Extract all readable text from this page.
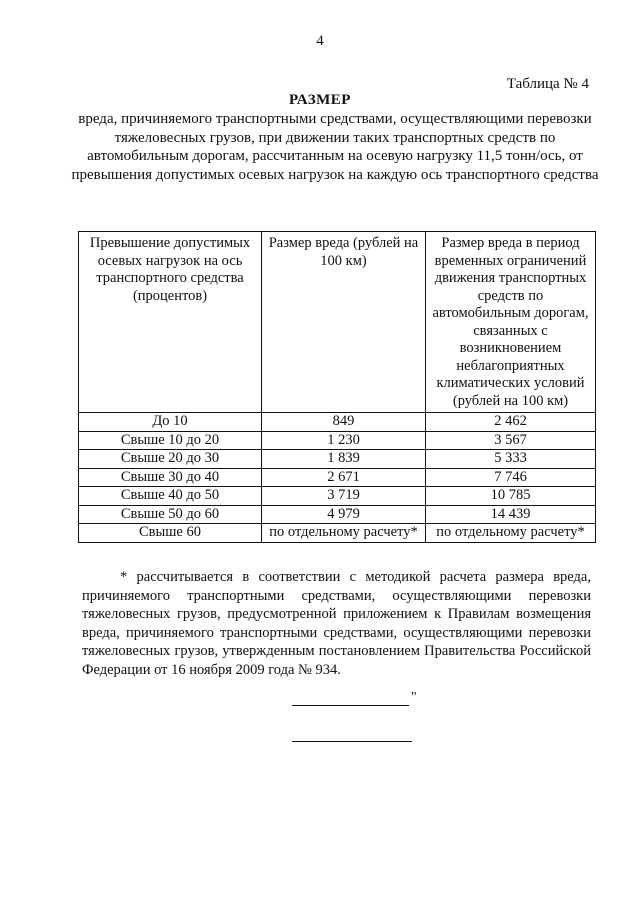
4
Таблица № 4
РАЗМЕР
вреда, причиняемого транспортными средствами, осуществляющими перевозки тяжеловесных грузов, при движении таких транспортных средств по автомобильным дорогам, рассчитанным на осевую нагрузку 11,5 тонн/ось, от превышения допустимых осевых нагрузок на каждую ось транспортного средства
Превышение допустимых осевых нагрузок на ось транспортного средства (процентов)	Размер вреда (рублей на 100 км)	Размер вреда в период временных ограничений движения транспортных средств по автомобильным дорогам, связанных с возникновением неблагоприятных климатических условий (рублей на 100 км)
До 10	849	2 462
Свыше 10 до 20	1 230	3 567
Свыше 20 до 30	1 839	5 333
Свыше 30 до 40	2 671	7 746
Свыше 40 до 50	3 719	10 785
Свыше 50 до 60	4 979	14 439
Свыше 60	по отдельному расчету*	по отдельному расчету*
* рассчитывается в соответствии с методикой расчета размера вреда, причиняемого транспортными средствами, осуществляющими перевозки тяжеловесных грузов, предусмотренной приложением к Правилам возмещения вреда, причиняемого транспортными средствами, осуществляющими перевозки тяжеловесных грузов, утвержденным постановлением Правительства Российской Федерации от 16 ноября 2009 года № 934.
"
